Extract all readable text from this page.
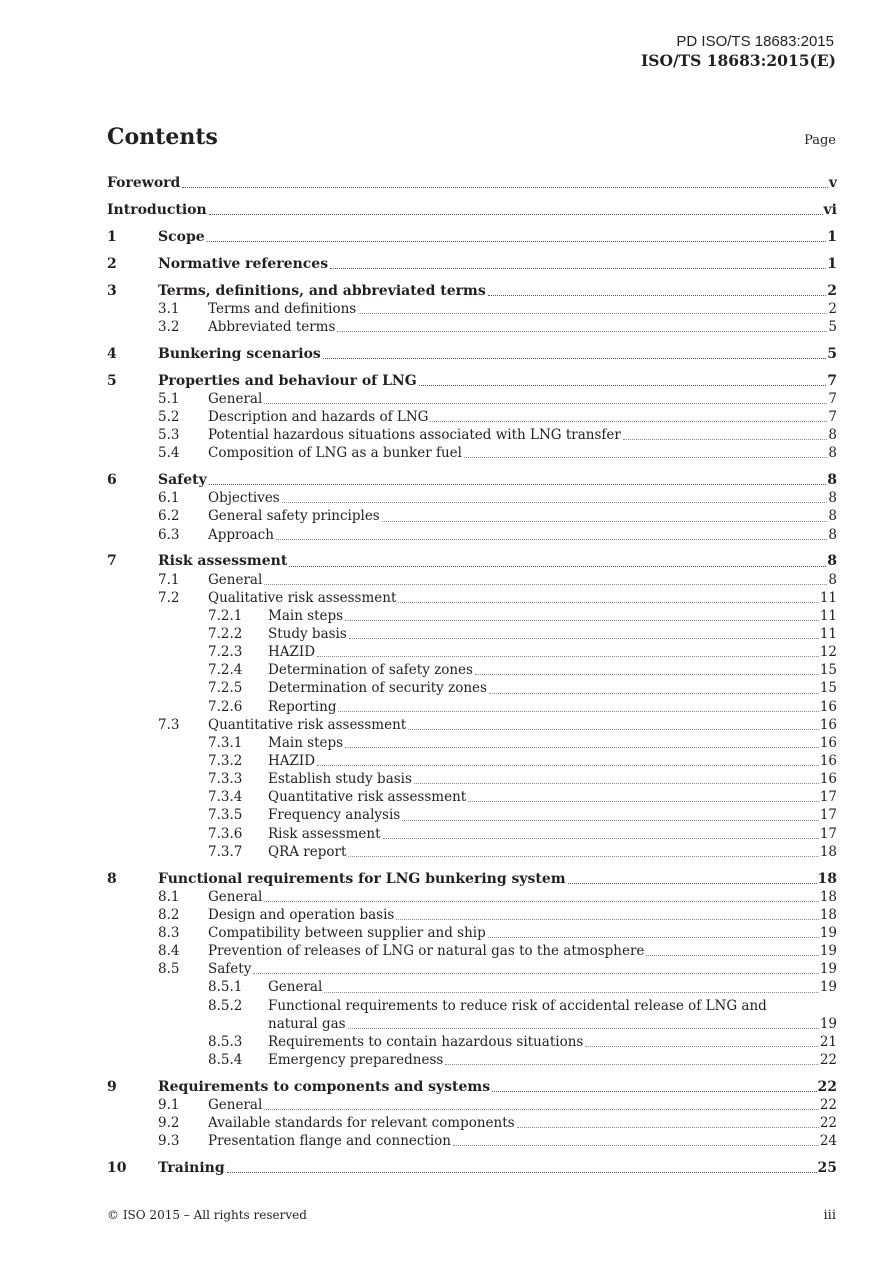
PD ISO/TS 18683:2015
ISO/TS 18683:2015(E)
Contents	Page
Foreword	v
Introduction	vi
1	Scope	1
2	Normative references	1
3	Terms, definitions, and abbreviated terms	2
3.1 Terms and definitions	2
3.2 Abbreviated terms	5
4	Bunkering scenarios	5
5	Properties and behaviour of LNG	7
5.1 General	7
5.2 Description and hazards of LNG	7
5.3 Potential hazardous situations associated with LNG transfer	8
5.4 Composition of LNG as a bunker fuel	8
6	Safety	8
6.1 Objectives	8
6.2 General safety principles	8
6.3 Approach	8
7	Risk assessment	8
7.1 General	8
7.2 Qualitative risk assessment	11
7.2.1 Main steps	11
7.2.2 Study basis	11
7.2.3 HAZID	12
7.2.4 Determination of safety zones	15
7.2.5 Determination of security zones	15
7.2.6 Reporting	16
7.3 Quantitative risk assessment	16
7.3.1 Main steps	16
7.3.2 HAZID	16
7.3.3 Establish study basis	16
7.3.4 Quantitative risk assessment	17
7.3.5 Frequency analysis	17
7.3.6 Risk assessment	17
7.3.7 QRA report	18
8	Functional requirements for LNG bunkering system	18
8.1 General	18
8.2 Design and operation basis	18
8.3 Compatibility between supplier and ship	19
8.4 Prevention of releases of LNG or natural gas to the atmosphere	19
8.5 Safety	19
8.5.1 General	19
8.5.2 Functional requirements to reduce risk of accidental release of LNG and
natural gas	19
8.5.3 Requirements to contain hazardous situations	21
8.5.4 Emergency preparedness	22
9	Requirements to components and systems	22
9.1 General	22
9.2 Available standards for relevant components	22
9.3 Presentation flange and connection	24
10 Training	25
© ISO 2015 – All rights reserved	iii
